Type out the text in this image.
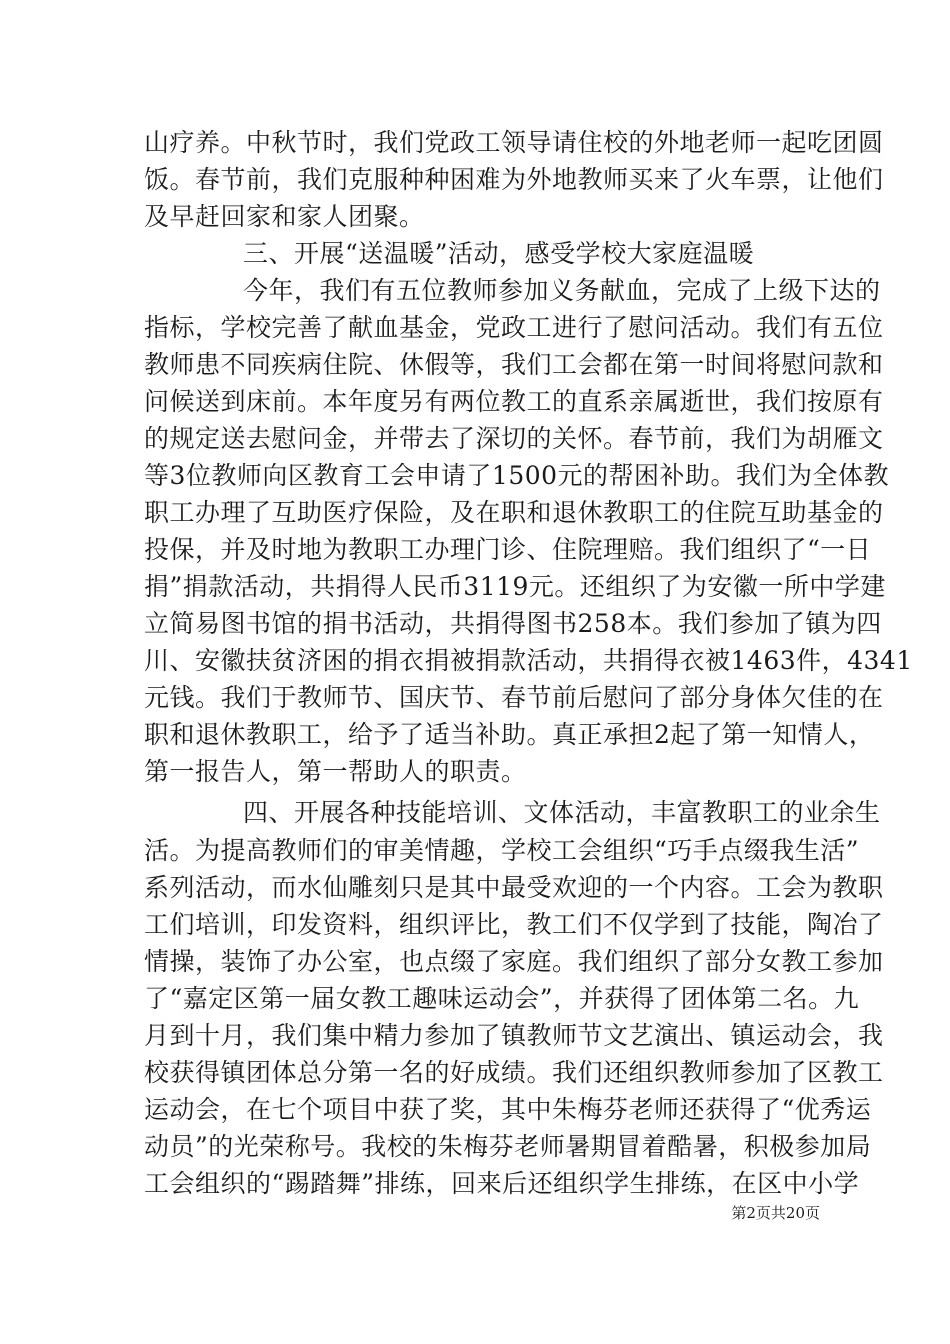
山疗养。中秋节时，我们党政工领导请住校的外地老师一起吃团圆
饭。春节前，我们克服种种困难为外地教师买来了火车票，让他们
及早赶回家和家人团聚。
三、开展“送温暖”活动，感受学校大家庭温暖
今年，我们有五位教师参加义务献血，完成了上级下达的
指标，学校完善了献血基金，党政工进行了慰问活动。我们有五位
教师患不同疾病住院、休假等，我们工会都在第一时间将慰问款和
问候送到床前。本年度另有两位教工的直系亲属逝世，我们按原有
的规定送去慰问金，并带去了深切的关怀。春节前，我们为胡雁文
等3位教师向区教育工会申请了1500元的帮困补助。我们为全体教
职工办理了互助医疗保险，及在职和退休教职工的住院互助基金的
投保，并及时地为教职工办理门诊、住院理赔。我们组织了“一日
捐”捐款活动，共捐得人民币3119元。还组织了为安徽一所中学建
立简易图书馆的捐书活动，共捐得图书258本。我们参加了镇为四
川、安徽扶贫济困的捐衣捐被捐款活动，共捐得衣被1463件，4341
元钱。我们于教师节、国庆节、春节前后慰问了部分身体欠佳的在
职和退休教职工，给予了适当补助。真正承担2起了第一知情人，
第一报告人，第一帮助人的职责。
四、开展各种技能培训、文体活动，丰富教职工的业余生
活。为提高教师们的审美情趣，学校工会组织“巧手点缀我生活”
系列活动，而水仙雕刻只是其中最受欢迎的一个内容。工会为教职
工们培训，印发资料，组织评比，教工们不仅学到了技能，陶冶了
情操，装饰了办公室，也点缀了家庭。我们组织了部分女教工参加
了“嘉定区第一届女教工趣味运动会”，并获得了团体第二名。九
月到十月，我们集中精力参加了镇教师节文艺演出、镇运动会，我
校获得镇团体总分第一名的好成绩。我们还组织教师参加了区教工
运动会，在七个项目中获了奖，其中朱梅芬老师还获得了“优秀运
动员”的光荣称号。我校的朱梅芬老师暑期冒着酷暑，积极参加局
工会组织的“踢踏舞”排练，回来后还组织学生排练，在区中小学
第2页共20页
